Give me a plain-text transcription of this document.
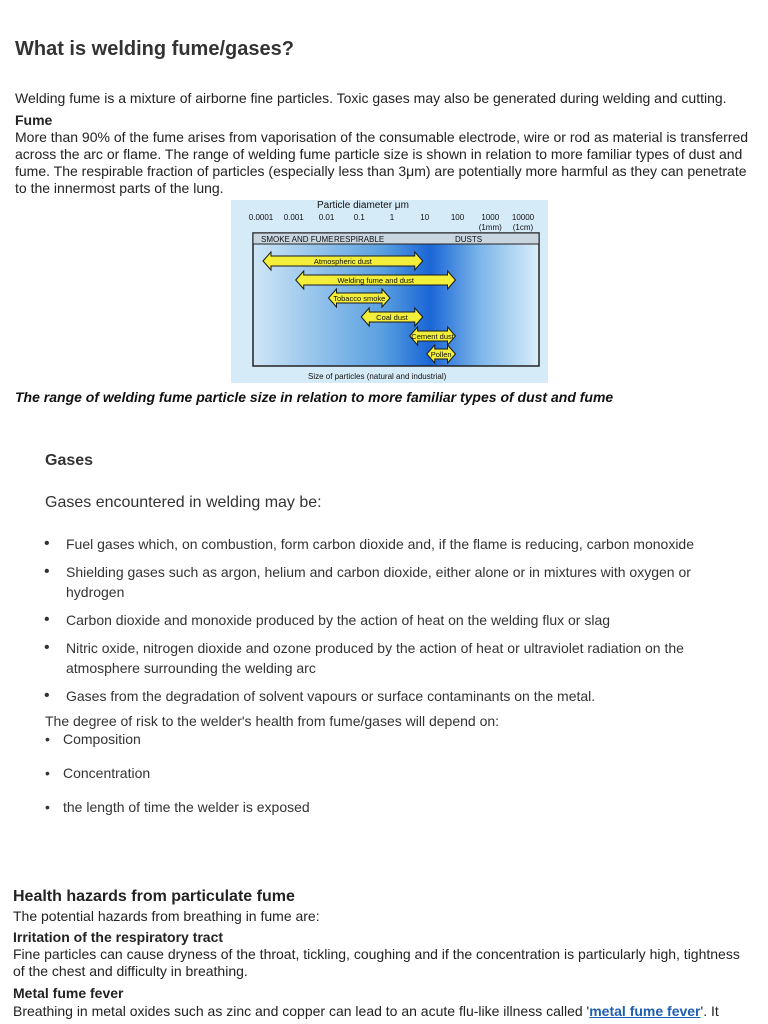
What is welding fume/gases?
Welding fume is a mixture of airborne fine particles. Toxic gases may also be generated during welding and cutting.
Fume
More than 90% of the fume arises from vaporisation of the consumable electrode, wire or rod as material is transferred across the arc or flame. The range of welding fume particle size is shown in relation to more familiar types of dust and fume. The respirable fraction of particles (especially less than 3μm) are potentially more harmful as they can penetrate to the innermost parts of the lung.
Particle diameter μm
SMOKE AND FUME RESPIRABLE	DUSTS
0.0001 0.001 0.01 0.1	1	10	100 1000 10000
(1mm) (1cm)
Atmospheric dust
Welding fume and dust
Tobacco smoke
Coal dust
Cement dust
Pollen
Size of particles (natural and industrial)
The range of welding fume particle size in relation to more familiar types of dust and fume
Gases
Gases encountered in welding may be:
• Fuel gases which, on combustion, form carbon dioxide and, if the flame is reducing, carbon monoxide
• Shielding gases such as argon, helium and carbon dioxide, either alone or in mixtures with oxygen or hydrogen
• Carbon dioxide and monoxide produced by the action of heat on the welding flux or slag
• Nitric oxide, nitrogen dioxide and ozone produced by the action of heat or ultraviolet radiation on the atmosphere surrounding the welding arc
• Gases from the degradation of solvent vapours or surface contaminants on the metal.
The degree of risk to the welder's health from fume/gases will depend on:
• Composition
• Concentration
• the length of time the welder is exposed
Health hazards from particulate fume
The potential hazards from breathing in fume are:
Irritation of the respiratory tract
Fine particles can cause dryness of the throat, tickling, coughing and if the concentration is particularly high, tightness of the chest and difficulty in breathing.
Metal fume fever
Breathing in metal oxides such as zinc and copper can lead to an acute flu-like illness called 'metal fume fever'. It
